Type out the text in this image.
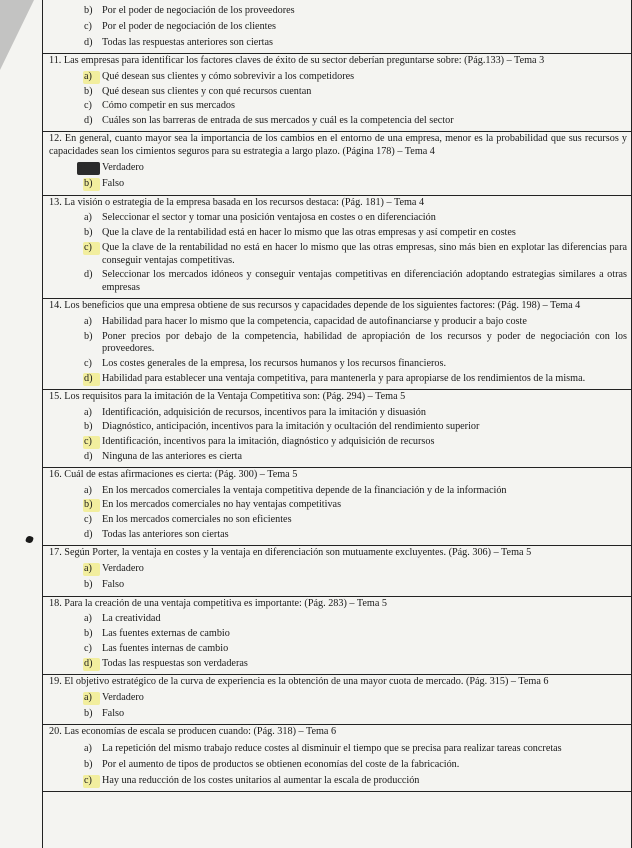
b) Por el poder de negociación de los proveedores
c) Por el poder de negociación de los clientes
d) Todas las respuestas anteriores son ciertas
11. Las empresas para identificar los factores claves de éxito de su sector deberían preguntarse sobre: (Pág.133) – Tema 3
a) Qué desean sus clientes y cómo sobrevivir a los competidores
b) Qué desean sus clientes y con qué recursos cuentan
c) Cómo competir en sus mercados
d) Cuáles son las barreras de entrada de sus mercados y cuál es la competencia del sector
12. En general, cuanto mayor sea la importancia de los cambios en el entorno de una empresa, menor es la probabilidad que sus recursos y capacidades sean los cimientos seguros para su estrategia a largo plazo. (Página 178) – Tema 4
a)	Verdadero
b) Falso
13. La visión o estrategia de la empresa basada en los recursos destaca: (Pág. 181) – Tema 4
a) Seleccionar el sector y tomar una posición ventajosa en costes o en diferenciación
b) Que la clave de la rentabilidad está en hacer lo mismo que las otras empresas y así competir en costes
c) Que la clave de la rentabilidad no está en hacer lo mismo que las otras empresas, sino más bien en explotar las diferencias para conseguir ventajas competitivas.
d) Seleccionar los mercados idóneos y conseguir ventajas competitivas en diferenciación adoptando estrategias similares a otras empresas
14. Los beneficios que una empresa obtiene de sus recursos y capacidades depende de los siguientes factores: (Pág. 198) – Tema 4
a) Habilidad para hacer lo mismo que la competencia, capacidad de autofinanciarse y producir a bajo coste
b) Poner precios por debajo de la competencia, habilidad de apropiación de los recursos y poder de negociación con los proveedores.
c) Los costes generales de la empresa, los recursos humanos y los recursos financieros.
d) Habilidad para establecer una ventaja competitiva, para mantenerla y para apropiarse de los rendimientos de la misma.
15. Los requisitos para la imitación de la Ventaja Competitiva son: (Pág. 294) – Tema 5
a) Identificación, adquisición de recursos, incentivos para la imitación y disuasión
b) Diagnóstico, anticipación, incentivos para la imitación y ocultación del rendimiento superior
c) Identificación, incentivos para la imitación, diagnóstico y adquisición de recursos
d) Ninguna de las anteriores es cierta
16. Cuál de estas afirmaciones es cierta: (Pág. 300) – Tema 5
a) En los mercados comerciales la ventaja competitiva depende de la financiación y de la información
b) En los mercados comerciales no hay ventajas competitivas
c) En los mercados comerciales no son eficientes
d) Todas las anteriores son ciertas
17. Según Porter, la ventaja en costes y la ventaja en diferenciación son mutuamente excluyentes. (Pág. 306) – Tema 5
a) Verdadero
b) Falso
18. Para la creación de una ventaja competitiva es importante: (Pág. 283) – Tema 5
a) La creatividad
b) Las fuentes externas de cambio
c) Las fuentes internas de cambio
d) Todas las respuestas son verdaderas
19. El objetivo estratégico de la curva de experiencia es la obtención de una mayor cuota de mercado. (Pág. 315) – Tema 6
a) Verdadero
b) Falso
20. Las economías de escala se producen cuando: (Pág. 318) – Tema 6
a) La repetición del mismo trabajo reduce costes al disminuir el tiempo que se precisa para realizar tareas concretas
b) Por el aumento de tipos de productos se obtienen economías del coste de la fabricación.
c) Hay una reducción de los costes unitarios al aumentar la escala de producción
